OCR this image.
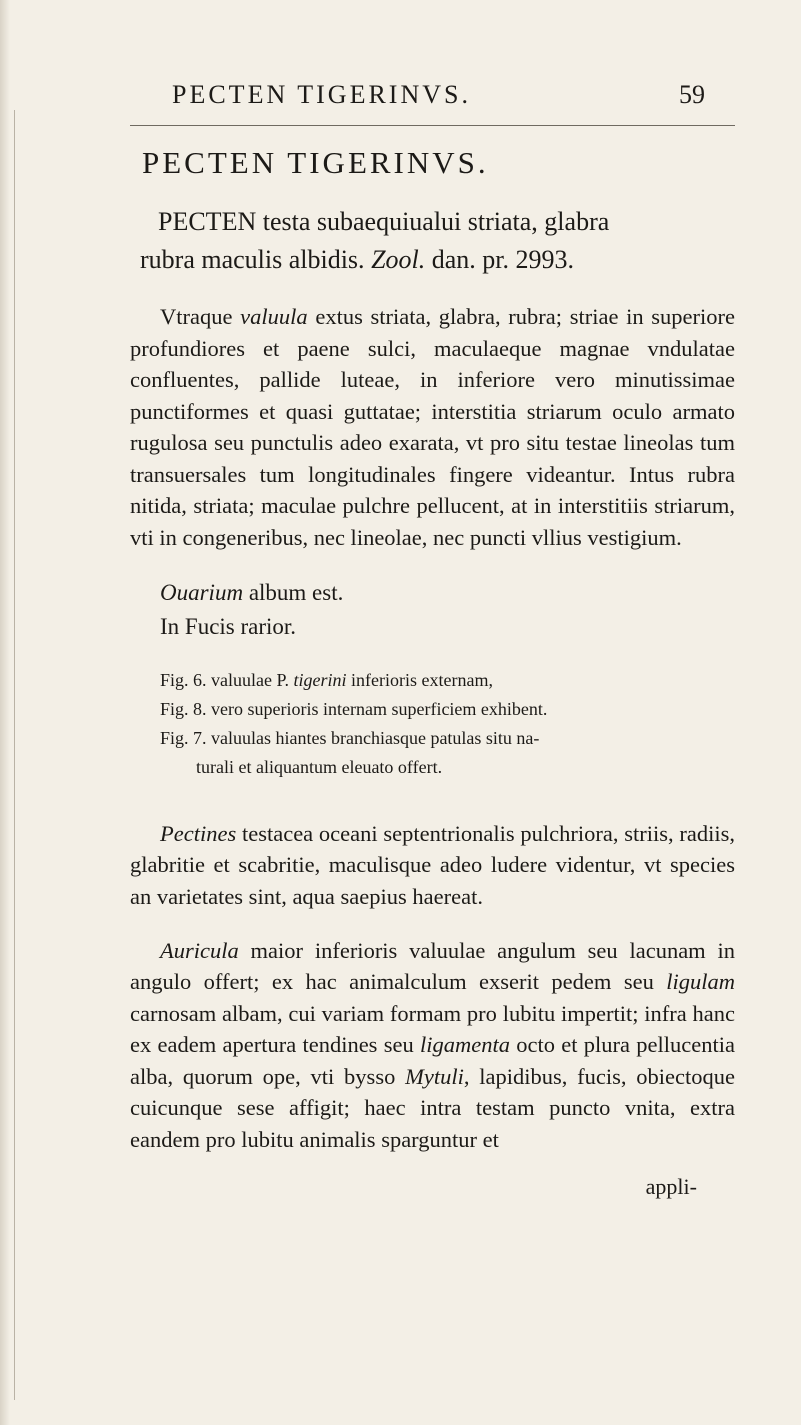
PECTEN TIGERINVS.	59
PECTEN TIGERINVS.
PECTEN testa subaequiualui striata, glabra
rubra maculis albidis. Zool. dan. pr. 2993.

Vtraque valuula extus striata, glabra, rubra; striae in superiore profundiores et paene sulci, maculaeque magnae vndulatae confluentes, pallide luteae, in inferiore vero minutissimae punctiformes et quasi guttatae; interstitia striarum oculo armato rugulosa seu punctulis adeo exarata, vt pro situ testae lineolas tum transuersales tum longitudinales fingere videantur. Intus rubra nitida, striata; maculae pulchre pellucent, at in interstitiis striarum, vti in congeneribus, nec lineolae, nec puncti vllius vestigium.

Ouarium album est.
In Fucis rarior.
Fig. 6. valuulae P. tigerini inferioris externam,
Fig. 8. vero superioris internam superficiem exhibent.
Fig. 7. valuulas hiantes branchiasque patulas situ na-
turali et aliquantum eleuato offert.

Pectines testacea oceani septentrionalis pulchriora, striis, radiis, glabritie et scabritie, maculisque adeo ludere videntur, vt species an varietates sint, aqua saepius haereat.

Auricula maior inferioris valuulae angulum seu lacunam in angulo offert; ex hac animalculum exserit pedem seu ligulam carnosam albam, cui variam formam pro lubitu impertit; infra hanc ex eadem apertura tendines seu ligamenta octo et plura pellucentia alba, quorum ope, vti bysso Mytuli, lapidibus, fucis, obiectoque cuicunque sese affigit; haec intra testam puncto vnita, extra eandem pro lubitu animalis sparguntur et

appli-
